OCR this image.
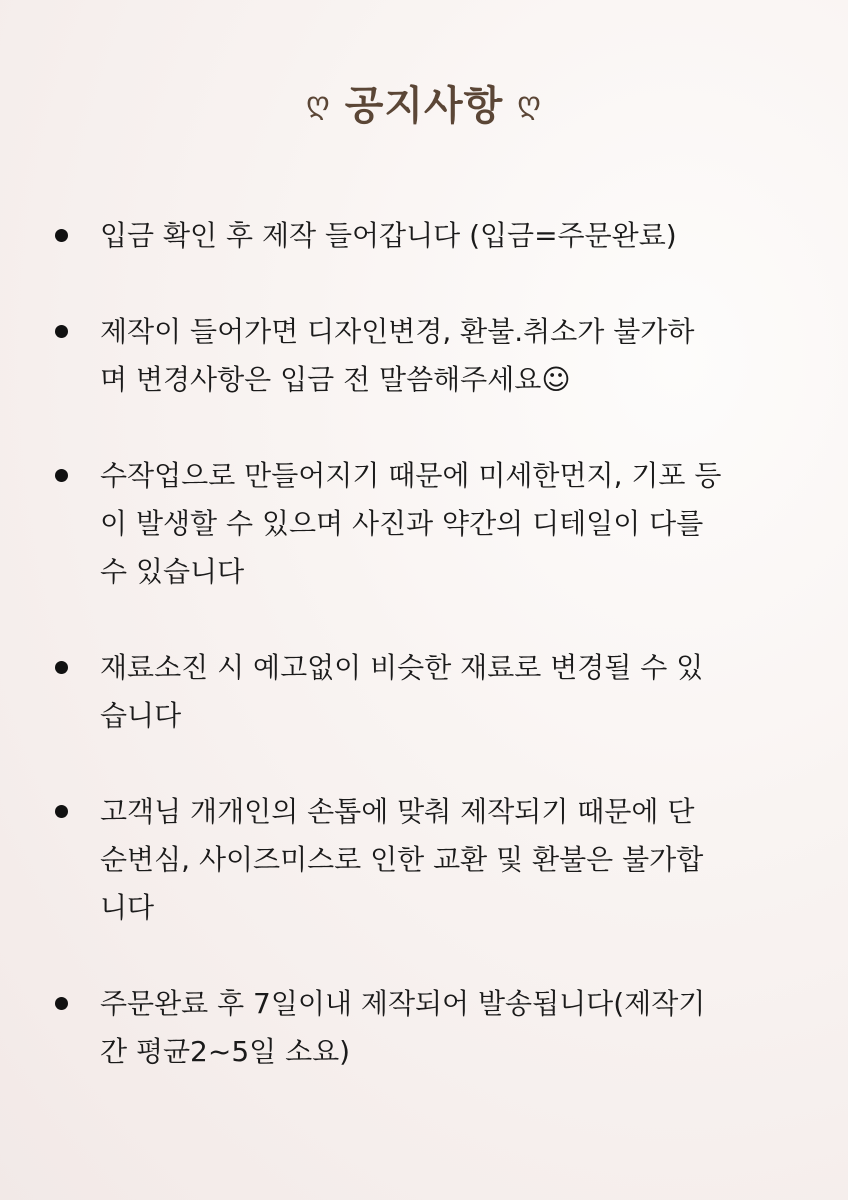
ღ 공지사항 ღ
입금 확인 후 제작 들어갑니다 (입금=주문완료)
제작이 들어가면 디자인변경, 환불.취소가 불가하
며 변경사항은 입금 전 말씀해주세요☺
수작업으로 만들어지기 때문에 미세한먼지, 기포 등
이 발생할 수 있으며 사진과 약간의 디테일이 다를
수 있습니다
재료소진 시 예고없이 비슷한 재료로 변경될 수 있
습니다
고객님 개개인의 손톱에 맞춰 제작되기 때문에 단
순변심, 사이즈미스로 인한 교환 및 환불은 불가합
니다
주문완료 후 7일이내 제작되어 발송됩니다(제작기
간 평균2~5일 소요)
